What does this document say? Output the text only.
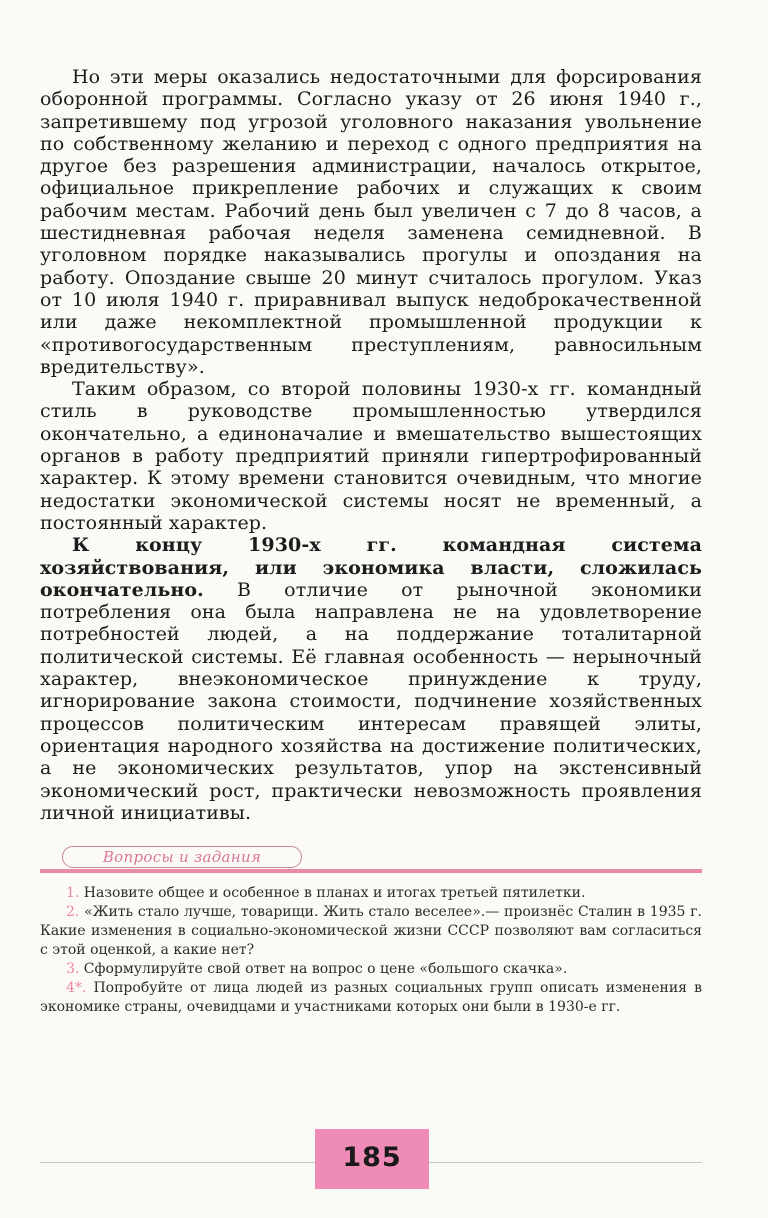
Но эти меры оказались недостаточными для форсирования оборонной программы. Согласно указу от 26 июня 1940 г., запретившему под угрозой уголовного наказания увольнение по собственному желанию и переход с одного предприятия на другое без разрешения администрации, началось открытое, официальное прикрепление рабочих и служащих к своим рабочим местам. Рабочий день был увеличен с 7 до 8 часов, а шестидневная рабочая неделя заменена семидневной. В уголовном порядке наказывались прогулы и опоздания на работу. Опоздание свыше 20 минут считалось прогулом. Указ от 10 июля 1940 г. приравнивал выпуск недоброкачественной или даже некомплектной промышленной продукции к «противогосударственным преступлениям, равносильным вредительству».

Таким образом, со второй половины 1930-х гг. командный стиль в руководстве промышленностью утвердился окончательно, а единоначалие и вмешательство вышестоящих органов в работу предприятий приняли гипертрофированный характер. К этому времени становится очевидным, что многие недостатки экономической системы носят не временный, а постоянный характер.

К концу 1930-х гг. командная система хозяйствования, или экономика власти, сложилась окончательно. В отличие от рыночной экономики потребления она была направлена не на удовлетворение потребностей людей, а на поддержание тоталитарной политической системы. Её главная особенность — нерыночный характер, внеэкономическое принуждение к труду, игнорирование закона стоимости, подчинение хозяйственных процессов политическим интересам правящей элиты, ориентация народного хозяйства на достижение политических, а не экономических результатов, упор на экстенсивный экономический рост, практически невозможность проявления личной инициативы.

Вопросы и задания

1. Назовите общее и особенное в планах и итогах третьей пятилетки.

2. «Жить стало лучше, товарищи. Жить стало веселее».— произнёс Сталин в 1935 г. Какие изменения в социально-экономической жизни СССР позволяют вам согласиться с этой оценкой, а какие нет?

3. Сформулируйте свой ответ на вопрос о цене «большого скачка».

4*. Попробуйте от лица людей из разных социальных групп описать изменения в экономике страны, очевидцами и участниками которых они были в 1930-е гг.

185
